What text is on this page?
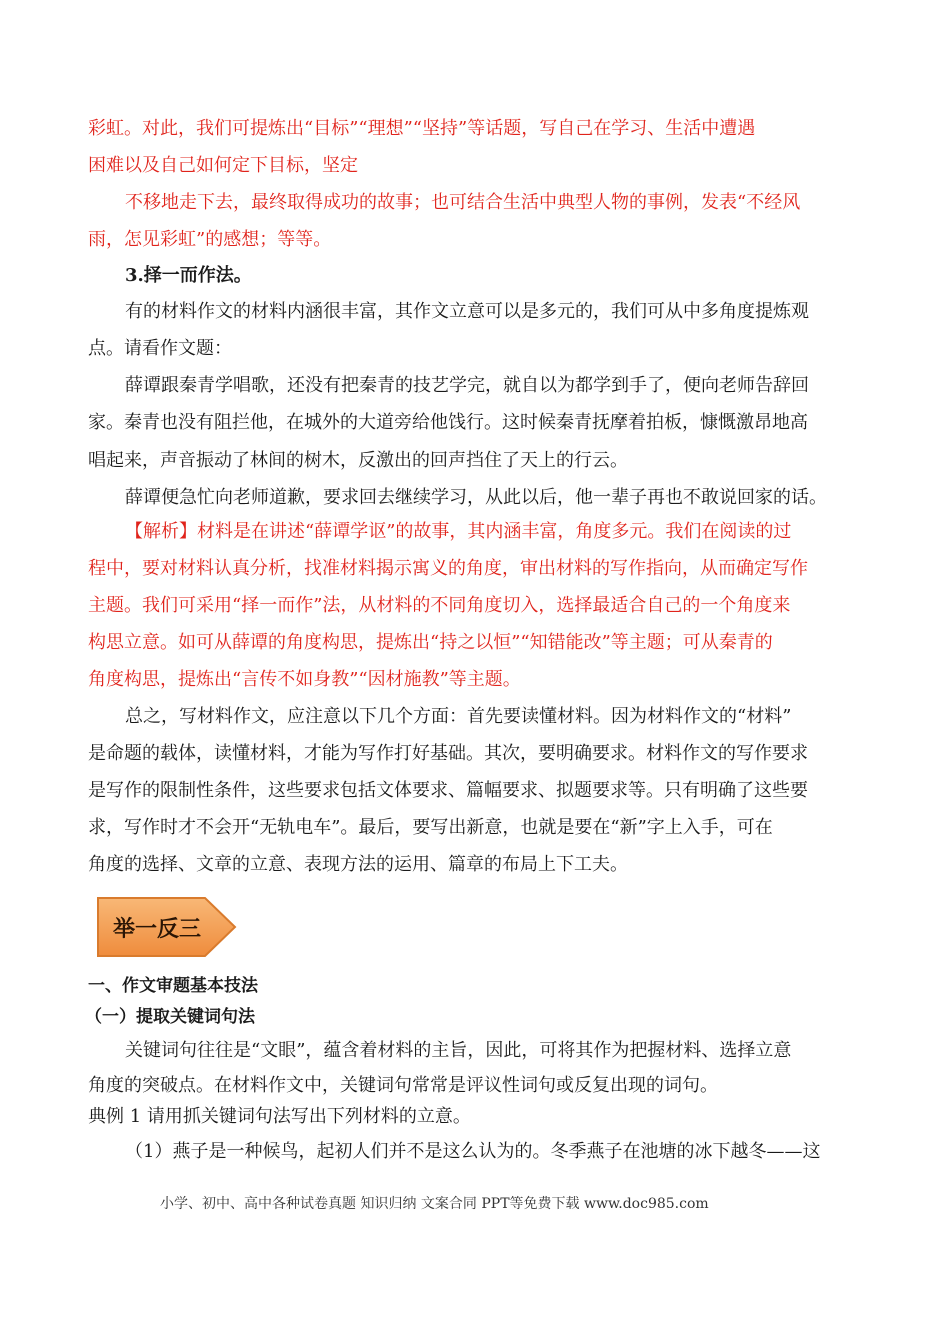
彩虹。对此，我们可提炼出“目标”“理想”“坚持”等话题，写自己在学习、生活中遭遇
困难以及自己如何定下目标，坚定
不移地走下去，最终取得成功的故事；也可结合生活中典型人物的事例，发表“不经风
雨，怎见彩虹”的感想；等等。
3.择一而作法。
有的材料作文的材料内涵很丰富，其作文立意可以是多元的，我们可从中多角度提炼观
点。请看作文题：
薛谭跟秦青学唱歌，还没有把秦青的技艺学完，就自以为都学到手了，便向老师告辞回
家。秦青也没有阻拦他，在城外的大道旁给他饯行。这时候秦青抚摩着拍板，慷慨激昂地高
唱起来，声音振动了林间的树木，反激出的回声挡住了天上的行云。
薛谭便急忙向老师道歉，要求回去继续学习，从此以后，他一辈子再也不敢说回家的话。
【解析】材料是在讲述“薛谭学讴”的故事，其内涵丰富，角度多元。我们在阅读的过
程中，要对材料认真分析，找准材料揭示寓义的角度，审出材料的写作指向，从而确定写作
主题。我们可采用“择一而作”法，从材料的不同角度切入，选择最适合自己的一个角度来
构思立意。如可从薛谭的角度构思，提炼出“持之以恒”“知错能改”等主题；可从秦青的
角度构思，提炼出“言传不如身教”“因材施教”等主题。
总之，写材料作文，应注意以下几个方面：首先要读懂材料。因为材料作文的“材料”
是命题的载体，读懂材料，才能为写作打好基础。其次，要明确要求。材料作文的写作要求
是写作的限制性条件，这些要求包括文体要求、篇幅要求、拟题要求等。只有明确了这些要
求，写作时才不会开“无轨电车”。最后，要写出新意，也就是要在“新”字上入手，可在
角度的选择、文章的立意、表现方法的运用、篇章的布局上下工夫。
举一反三
一、作文审题基本技法
（一）提取关键词句法
关键词句往往是“文眼”，蕴含着材料的主旨，因此，可将其作为把握材料、选择立意
角度的突破点。在材料作文中，关键词句常常是评议性词句或反复出现的词句。
典例 1 请用抓关键词句法写出下列材料的立意。
（1）燕子是一种候鸟，起初人们并不是这么认为的。冬季燕子在池塘的冰下越冬——这
小学、初中、高中各种试卷真题 知识归纳 文案合同 PPT等免费下载 www.doc985.com
